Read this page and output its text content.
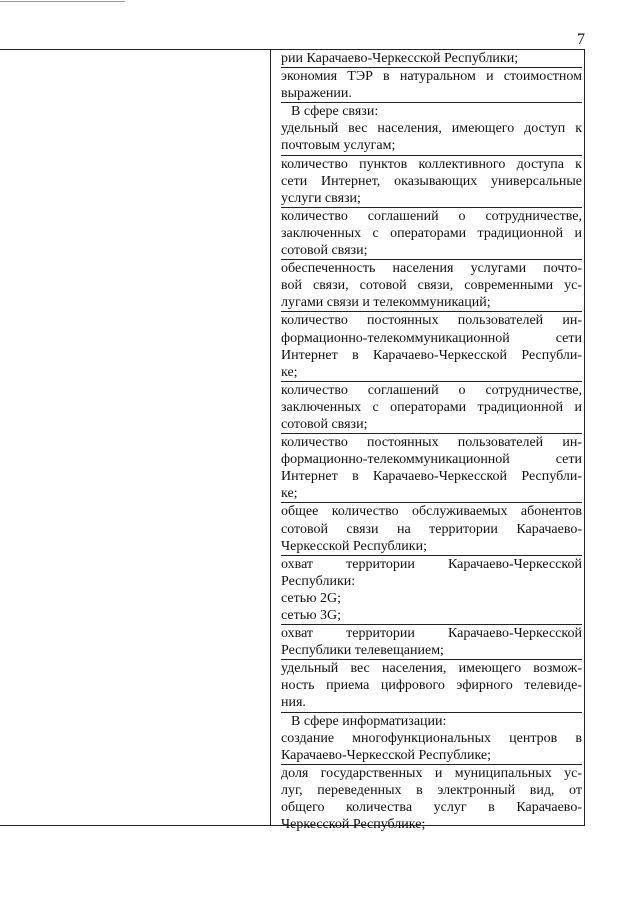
7
рии Карачаево-Черкесской Республики;
экономия ТЭР в натуральном и стоимостном
выражении.
В сфере связи:
удельный вес населения, имеющего доступ к
почтовым услугам;
количество пунктов коллективного доступа к
сети Интернет, оказывающих универсальные
услуги связи;
количество соглашений о сотрудничестве,
заключенных с операторами традиционной и
сотовой связи;
обеспеченность населения услугами почто-
вой связи, сотовой связи, современными ус-
лугами связи и телекоммуникаций;
количество постоянных пользователей ин-
формационно-телекоммуникационной сети
Интернет в Карачаево-Черкесской Республи-
ке;
количество соглашений о сотрудничестве,
заключенных с операторами традиционной и
сотовой связи;
количество постоянных пользователей ин-
формационно-телекоммуникационной сети
Интернет в Карачаево-Черкесской Республи-
ке;
общее количество обслуживаемых абонентов
сотовой связи на территории Карачаево-
Черкесской Республики;
охват территории Карачаево-Черкесской
Республики:
сетью 2G;
сетью 3G;
охват территории Карачаево-Черкесской
Республики телевещанием;
удельный вес населения, имеющего возмож-
ность приема цифрового эфирного телевиде-
ния.
В сфере информатизации:
создание многофункциональных центров в
Карачаево-Черкесской Республике;
доля государственных и муниципальных ус-
луг, переведенных в электронный вид, от
общего количества услуг в Карачаево-
Черкесской Республике;
